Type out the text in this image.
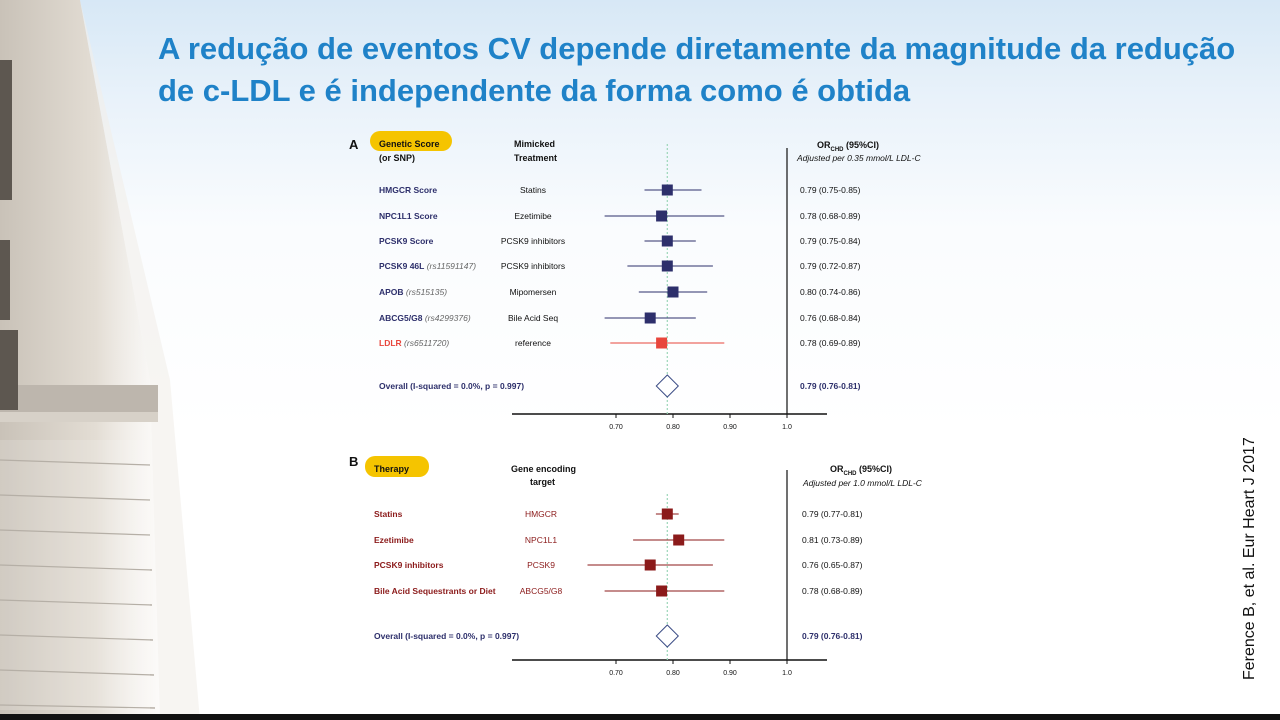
A redução de eventos CV depende diretamente da magnitude da redução de c-LDL e é independente da forma como é obtida
A Genetic Score
(or SNP)
Mimicked
Treatment
$OR_{CHD}$ (95%CI)
Adjusted per 0.35 mmol/L LDL-C
B Therapy	Gene encoding
target
$OR_{CHD}$ (95%CI)
Adjusted per 1.0 mmol/L LDL-C
HMGCR Score	Statins	0.79 (0.75-0.85)
NPC1L1 Score	Ezetimibe	0.78 (0.68-0.89)
PCSK9 Score	PCSK9 inhibitors	0.79 (0.75-0.84)
PCSK9 46L (rs11591147)	PCSK9 inhibitors	0.79 (0.72-0.87)
APOB (rs515135)	Mipomersen	0.80 (0.74-0.86)
ABCG5/G8 (rs4299376)	Bile Acid Seq	0.76 (0.68-0.84)
LDLR (rs6511720)	reference	0.78 (0.69-0.89)
Overall (I-squared = 0.0%, p = 0.997)	0.79 (0.76-0.81)
0.70	0.80	0.90	1.0
Statins	HMGCR	0.79 (0.77-0.81)
Ezetimibe	NPC1L1	0.81 (0.73-0.89)
PCSK9 inhibitors	PCSK9	0.76 (0.65-0.87)
Bile Acid Sequestrants or Diet	ABCG5/G8	0.78 (0.68-0.89)
Overall (I-squared = 0.0%, p = 0.997)	0.79 (0.76-0.81)
0.70	0.80	0.90	1.0	Ference B, et al. Eur Heart J 2017
